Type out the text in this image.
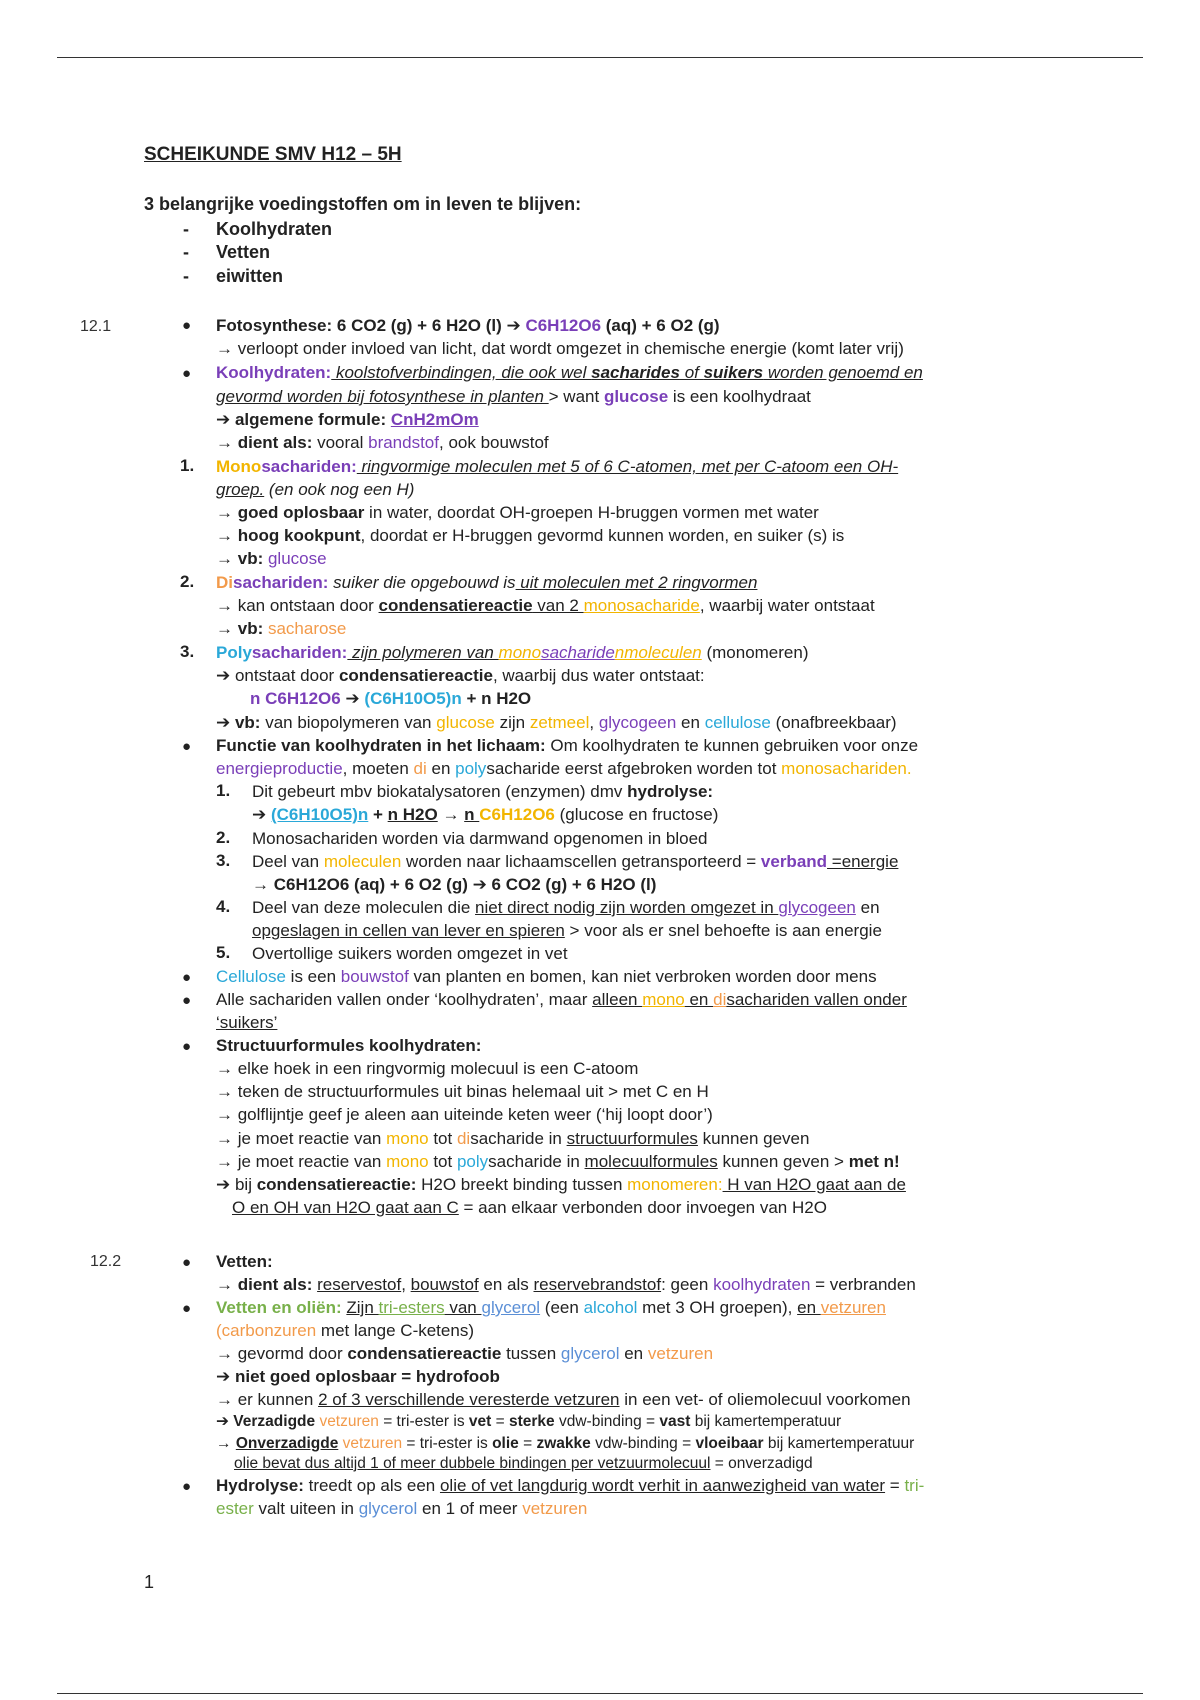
SCHEIKUNDE SMV H12 – 5H
3 belangrijke voedingstoffen om in leven te blijven:
- Koolhydraten
- Vetten
- eiwitten
12.1	● Fotosynthese: 6 CO2 (g) + 6 H2O (l) ➔ C6H12O6 (aq) + 6 O2 (g)
→ verloopt onder invloed van licht, dat wordt omgezet in chemische energie (komt later vrij)
● Koolhydraten: koolstofverbindingen, die ook wel sacharides of suikers worden genoemd en
gevormd worden bij fotosynthese in planten > want glucose is een koolhydraat
➔ algemene formule: CnH2mOm
→ dient als: vooral brandstof, ook bouwstof
1. Monosachariden: ringvormige moleculen met 5 of 6 C-atomen, met per C-atoom een OH-
groep. (en ook nog een H)
→ goed oplosbaar in water, doordat OH-groepen H-bruggen vormen met water
→ hoog kookpunt, doordat er H-bruggen gevormd kunnen worden, en suiker (s) is
→ vb: glucose
2. Disachariden: suiker die opgebouwd is uit moleculen met 2 ringvormen
→ kan ontstaan door condensatiereactie van 2 monosacharide, waarbij water ontstaat
→ vb: sacharose
3. Polysachariden: zijn polymeren van monosacharidenmoleculen (monomeren)
➔ ontstaat door condensatiereactie, waarbij dus water ontstaat:
n C6H12O6 ➔ (C6H10O5)n + n H2O
➔ vb: van biopolymeren van glucose zijn zetmeel, glycogeen en cellulose (onafbreekbaar)
● Functie van koolhydraten in het lichaam: Om koolhydraten te kunnen gebruiken voor onze
energieproductie, moeten di en polysacharide eerst afgebroken worden tot monosachariden.
1. Dit gebeurt mbv biokatalysatoren (enzymen) dmv hydrolyse:
➔ (C6H10O5)n + n H2O → n C6H12O6 (glucose en fructose)
2. Monosachariden worden via darmwand opgenomen in bloed
3. Deel van moleculen worden naar lichaamscellen getransporteerd = verband =energie
→ C6H12O6 (aq) + 6 O2 (g) ➔ 6 CO2 (g) + 6 H2O (l)
4. Deel van deze moleculen die niet direct nodig zijn worden omgezet in glycogeen en
opgeslagen in cellen van lever en spieren > voor als er snel behoefte is aan energie
5. Overtollige suikers worden omgezet in vet
● Cellulose is een bouwstof van planten en bomen, kan niet verbroken worden door mens
● Alle sachariden vallen onder ‘koolhydraten’, maar alleen mono en disachariden vallen onder
‘suikers’
● Structuurformules koolhydraten:
→ elke hoek in een ringvormig molecuul is een C-atoom
→ teken de structuurformules uit binas helemaal uit > met C en H
→ golflijntje geef je aleen aan uiteinde keten weer (‘hij loopt door’)
→ je moet reactie van mono tot disacharide in structuurformules kunnen geven
→ je moet reactie van mono tot polysacharide in molecuulformules kunnen geven > met n!
➔ bij condensatiereactie: H2O breekt binding tussen monomeren: H van H2O gaat aan de
O en OH van H2O gaat aan C = aan elkaar verbonden door invoegen van H2O
12.2	● Vetten:
→ dient als: reservestof, bouwstof en als reservebrandstof: geen koolhydraten = verbranden
● Vetten en oliën: Zijn tri-esters van glycerol (een alcohol met 3 OH groepen), en vetzuren
(carbonzuren met lange C-ketens)
→ gevormd door condensatiereactie tussen glycerol en vetzuren
➔ niet goed oplosbaar = hydrofoob
→ er kunnen 2 of 3 verschillende veresterde vetzuren in een vet- of oliemolecuul voorkomen
➔ Verzadigde vetzuren = tri-ester is vet = sterke vdw-binding = vast bij kamertemperatuur
→ Onverzadigde vetzuren = tri-ester is olie = zwakke vdw-binding = vloeibaar bij kamertemperatuur
olie bevat dus altijd 1 of meer dubbele bindingen per vetzuurmolecuul = onverzadigd
● Hydrolyse: treedt op als een olie of vet langdurig wordt verhit in aanwezigheid van water = tri-
ester valt uiteen in glycerol en 1 of meer vetzuren
1
